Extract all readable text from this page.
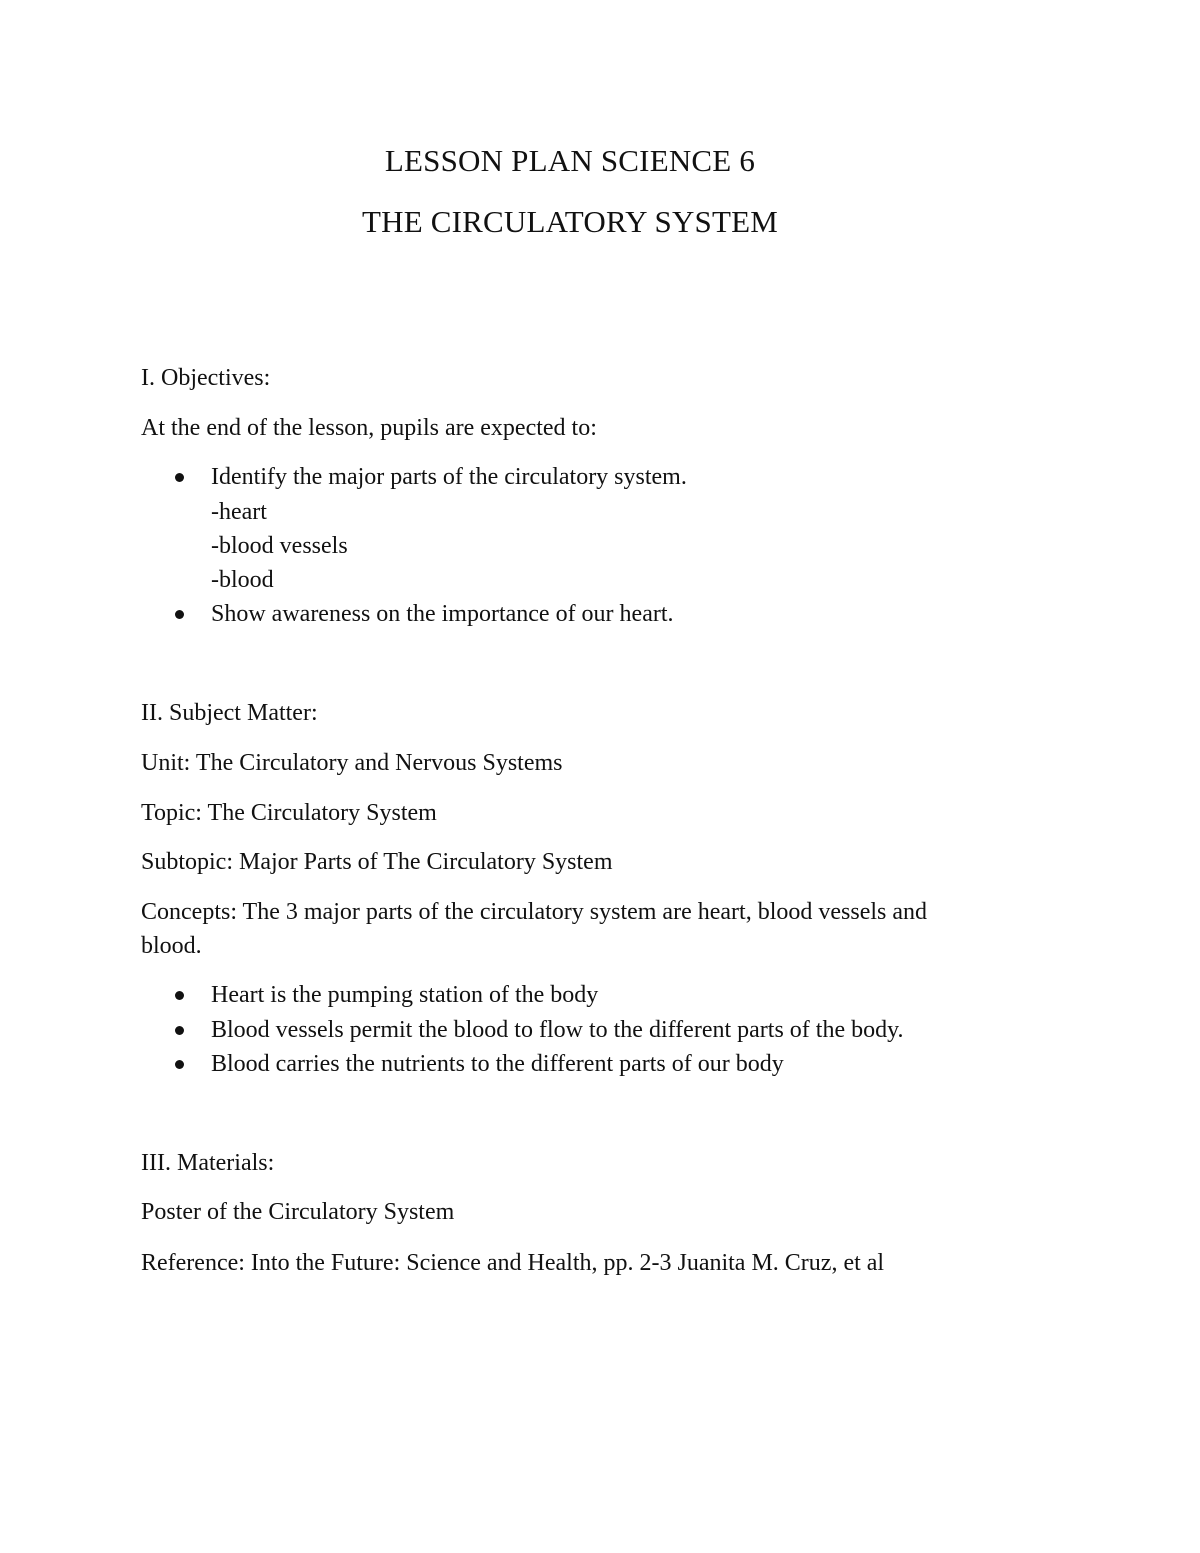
LESSON PLAN SCIENCE 6
THE CIRCULATORY SYSTEM
I. Objectives:
At the end of the lesson, pupils are expected to:
Identify the major parts of the circulatory system.
-heart
-blood vessels
-blood
Show awareness on the importance of our heart.
II. Subject Matter:
Unit: The Circulatory and Nervous Systems
Topic: The Circulatory System
Subtopic: Major Parts of The Circulatory System
Concepts: The 3 major parts of the circulatory system are heart, blood vessels and
blood.
Heart is the pumping station of the body
Blood vessels permit the blood to flow to the different parts of the body.
Blood carries the nutrients to the different parts of our body
III. Materials:
Poster of the Circulatory System
Reference: Into the Future: Science and Health, pp. 2-3 Juanita M. Cruz, et al
